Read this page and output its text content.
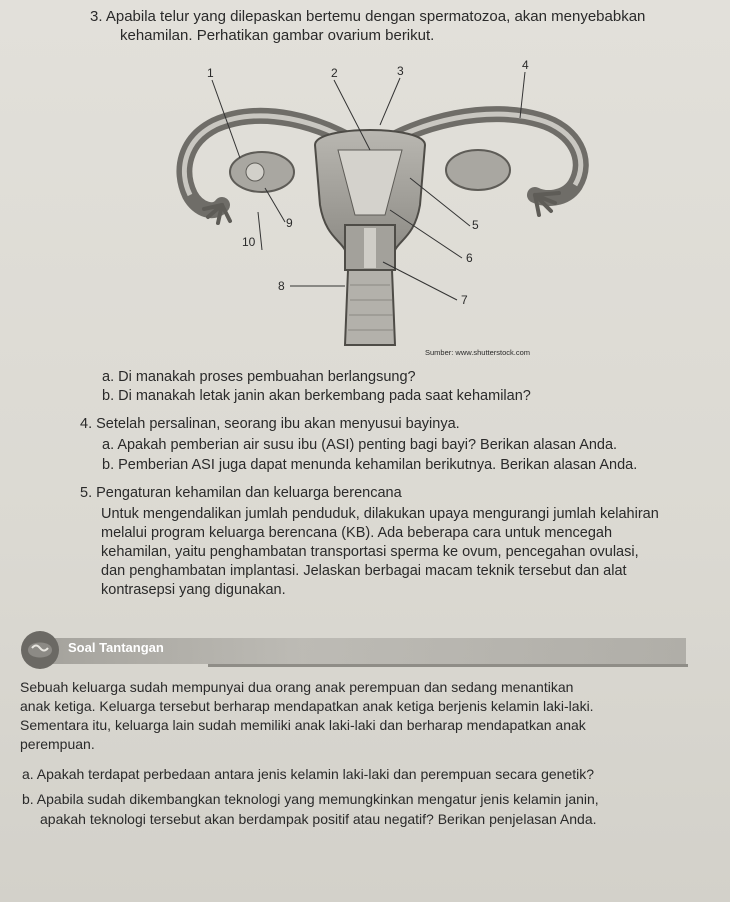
3. Apabila telur yang dilepaskan bertemu dengan spermatozoa, akan menyebabkan
kehamilan. Perhatikan gambar ovarium berikut.
1	2	3	4
5
6
7
8
9
10
Sumber: www.shutterstock.com
a. Di manakah proses pembuahan berlangsung?
b. Di manakah letak janin akan berkembang pada saat kehamilan?
4. Setelah persalinan, seorang ibu akan menyusui bayinya.
a. Apakah pemberian air susu ibu (ASI) penting bagi bayi? Berikan alasan Anda.
b. Pemberian ASI juga dapat menunda kehamilan berikutnya. Berikan alasan Anda.
5. Pengaturan kehamilan dan keluarga berencana
Untuk mengendalikan jumlah penduduk, dilakukan upaya mengurangi jumlah kelahiran
melalui program keluarga berencana (KB). Ada beberapa cara untuk mencegah
kehamilan, yaitu penghambatan transportasi sperma ke ovum, pencegahan ovulasi,
dan penghambatan implantasi. Jelaskan berbagai macam teknik tersebut dan alat
kontrasepsi yang digunakan.
Soal Tantangan
Sebuah keluarga sudah mempunyai dua orang anak perempuan dan sedang menantikan
anak ketiga. Keluarga tersebut berharap mendapatkan anak ketiga berjenis kelamin laki-laki.
Sementara itu, keluarga lain sudah memiliki anak laki-laki dan berharap mendapatkan anak
perempuan.
a. Apakah terdapat perbedaan antara jenis kelamin laki-laki dan perempuan secara genetik?
b. Apabila sudah dikembangkan teknologi yang memungkinkan mengatur jenis kelamin janin,
apakah teknologi tersebut akan berdampak positif atau negatif? Berikan penjelasan Anda.
